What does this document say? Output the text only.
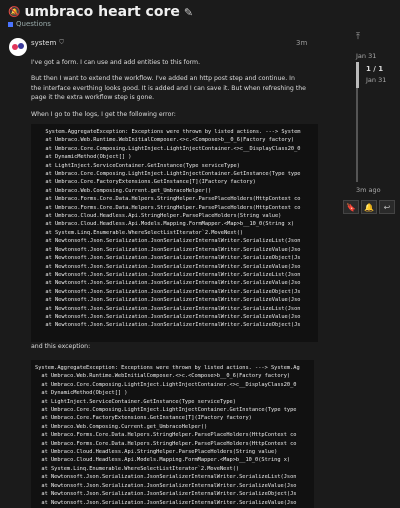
🔕 umbraco heart core ✎
Questions
system ⛉	3m

I've got a form. I can use and add entities to this form.

But then I want to extend the workflow. I've added an http post step and continue. In the interface everthing looks good. It is added and I can save it. But when refreshing the page it the extra workflow step is gone.

When I go to the logs, I get the following error:

System.AggregateException: Exceptions were thrown by listed actions. ---> System
at Umbraco.Web.Runtime.WebInitialComposer.<>c.<Compose>b__0_6(Factory factory)
at Umbraco.Core.Composing.LightInject.LightInjectContainer.<>c__DisplayClass20_0
at DynamicMethod(Object[] )
at LightInject.ServiceContainer.GetInstance(Type serviceType)
at Umbraco.Core.Composing.LightInject.LightInjectContainer.GetInstance(Type type
at Umbraco.Core.FactoryExtensions.GetInstance[T](IFactory factory)
at Umbraco.Web.Composing.Current.get_UmbracoHelper()
at Umbraco.Forms.Core.Data.Helpers.StringHelper.ParsePlaceHolders(HttpContext co
at Umbraco.Forms.Core.Data.Helpers.StringHelper.ParsePlaceHolders(HttpContext co
at Umbraco.Cloud.Headless.Api.StringHelper.ParsePlaceHolders(String value)
at Umbraco.Cloud.Headless.Api.Models.Mapping.FormMapper.<Map>b__10_0(String x)
at System.Linq.Enumerable.WhereSelectListIterator`2.MoveNext()
at Newtonsoft.Json.Serialization.JsonSerializerInternalWriter.SerializeList(Json
at Newtonsoft.Json.Serialization.JsonSerializerInternalWriter.SerializeValue(Jso
at Newtonsoft.Json.Serialization.JsonSerializerInternalWriter.SerializeObject(Js
at Newtonsoft.Json.Serialization.JsonSerializerInternalWriter.SerializeValue(Jso
at Newtonsoft.Json.Serialization.JsonSerializerInternalWriter.SerializeList(Json
at Newtonsoft.Json.Serialization.JsonSerializerInternalWriter.SerializeValue(Jso
at Newtonsoft.Json.Serialization.JsonSerializerInternalWriter.SerializeObject(Js
at Newtonsoft.Json.Serialization.JsonSerializerInternalWriter.SerializeValue(Jso
at Newtonsoft.Json.Serialization.JsonSerializerInternalWriter.SerializeList(Json
at Newtonsoft.Json.Serialization.JsonSerializerInternalWriter.SerializeValue(Jso
at Newtonsoft.Json.Serialization.JsonSerializerInternalWriter.SerializeObject(Js
and this exception:
System.AggregateException: Exceptions were thrown by listed actions. ---> System.Ag
at Umbraco.Web.Runtime.WebInitialComposer.<>c.<Compose>b__0_6(Factory factory)
at Umbraco.Core.Composing.LightInject.LightInjectContainer.<>c__DisplayClass20_0
at DynamicMethod(Object[] )
at LightInject.ServiceContainer.GetInstance(Type serviceType)
at Umbraco.Core.Composing.LightInject.LightInjectContainer.GetInstance(Type type
at Umbraco.Core.FactoryExtensions.GetInstance[T](IFactory factory)
at Umbraco.Web.Composing.Current.get_UmbracoHelper()
at Umbraco.Forms.Core.Data.Helpers.StringHelper.ParsePlaceHolders(HttpContext co
at Umbraco.Forms.Core.Data.Helpers.StringHelper.ParsePlaceHolders(HttpContext co
at Umbraco.Cloud.Headless.Api.StringHelper.ParsePlaceHolders(String value)
at Umbraco.Cloud.Headless.Api.Models.Mapping.FormMapper.<Map>b__10_0(String x)
at System.Linq.Enumerable.WhereSelectListIterator`2.MoveNext()
at Newtonsoft.Json.Serialization.JsonSerializerInternalWriter.SerializeList(Json
at Newtonsoft.Json.Serialization.JsonSerializerInternalWriter.SerializeValue(Jso
at Newtonsoft.Json.Serialization.JsonSerializerInternalWriter.SerializeObject(Js
at Newtonsoft.Json.Serialization.JsonSerializerInternalWriter.SerializeValue(Jso
⤒
Jan 31
1 / 1
Jan 31
3m ago
🔖	🔔	↩
